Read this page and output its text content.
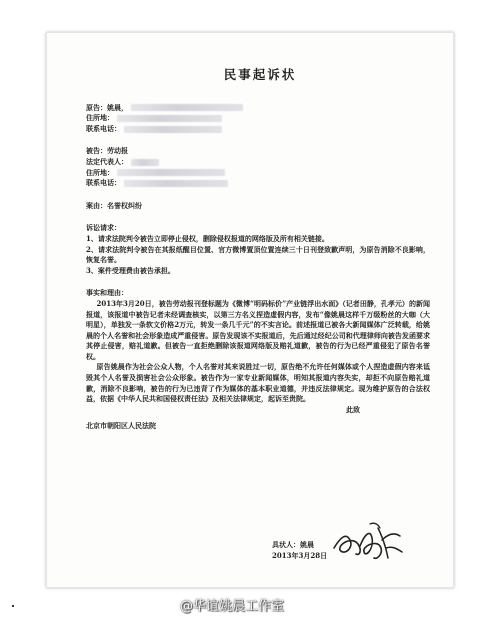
民事起诉状
原告：姚晨，
住所地：
联系电话：
被告：劳动报
法定代表人：
住所地：
联系电话：
案由：名誉权纠纷
诉讼请求：
1、请求法院判令被告立即停止侵权，删除侵权报道的网络版及所有相关链接。
2、请求法院判令被告在其报纸醒目位置、官方微博置顶位置连续三十日刊登致歉声明，为原告消除不良影响，恢复名誉。
3、案件受理费由被告承担。
事实和理由：
2013年3月20日，被告劳动报刊登标题为《微博“明码标价”产业链浮出水面》（记者田静，孔孝元）的新闻报道，该报道中被告记者未经调查核实，以第三方名义捏造虚假内容，发布“像姚晨这样千万级粉丝的大咖（大明星），单独发一条软文价格2万元，转发一条几千元”的不实言论。前述报道已被各大新闻媒体广泛转载，给姚晨的个人名誉和社会形象造成严重侵害。原告发现该不实报道后，先后通过经纪公司和代理律师向被告发函要求其停止侵害，赔礼道歉。但被告一直拒绝删除该报道网络版及赔礼道歉，被告的行为已经严重侵犯了原告名誉权。
原告姚晨作为社会公众人物，个人名誉对其来说胜过一切，原告绝不允许任何媒体或个人捏造虚假内容来诋毁其个人名誉及损害社会公众形象。被告作为一家专业新闻媒体，明知其报道内容失实，却拒不向原告赔礼道歉，消除不良影响，被告的行为已违背了作为媒体的基本职业道德，并违反法律规定。现为维护原告的合法权益，依据《中华人民共和国侵权责任法》及相关法律规定，起诉至贵院。
此致
北京市朝阳区人民法院
具状人：姚晨
2013年3月28日
@华谊姚晨工作室
